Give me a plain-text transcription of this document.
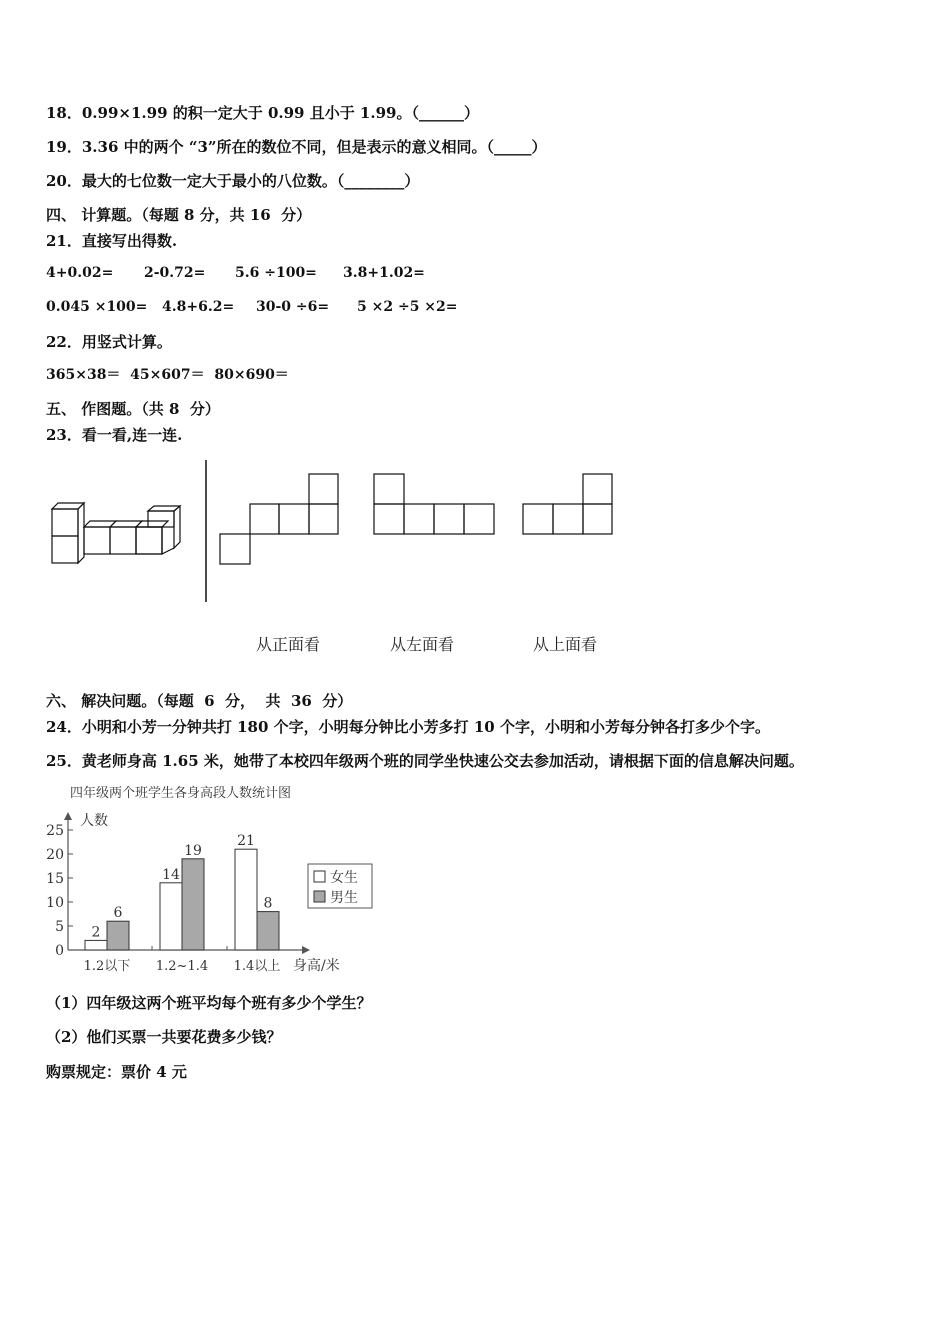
18．0.99×1.99 的积一定大于 0.99 且小于 1.99。（______）
19．3.36 中的两个 “3”所在的数位不同，但是表示的意义相同。（_____）
20．最大的七位数一定大于最小的八位数。（________）
四、 计算题。（每题 8 分，共 16  分）
21．直接写出得数.
4+0.02= 2-0.72= 5.6 ÷100= 3.8+1.02=
0.045 ×100= 4.8+6.2= 30-0 ÷6= 5 ×2 ÷5 ×2=
22．用竖式计算。
365×38＝  45×607＝  80×690＝
五、 作图题。（共 8  分）
23．看一看,连一连.
从正面看	从左面看	从上面看
六、 解决问题。（每题  6  分，  共  36  分）
24．小明和小芳一分钟共打 180 个字，小明每分钟比小芳多打 10 个字，小明和小芳每分钟各打多少个字。
25．黄老师身高 1.65 米，她带了本校四年级两个班的同学坐快速公交去参加活动，请根据下面的信息解决问题。
四年级两个班学生各身高段人数统计图
人数
身高/米
0
5
10
15
20
25
2
6
14
19
21
8
1.2以下 1.2~1.4 1.4以上
女生
男生
（1）四年级这两个班平均每个班有多少个学生？
（2）他们买票一共要花费多少钱？
购票规定：票价 4 元
